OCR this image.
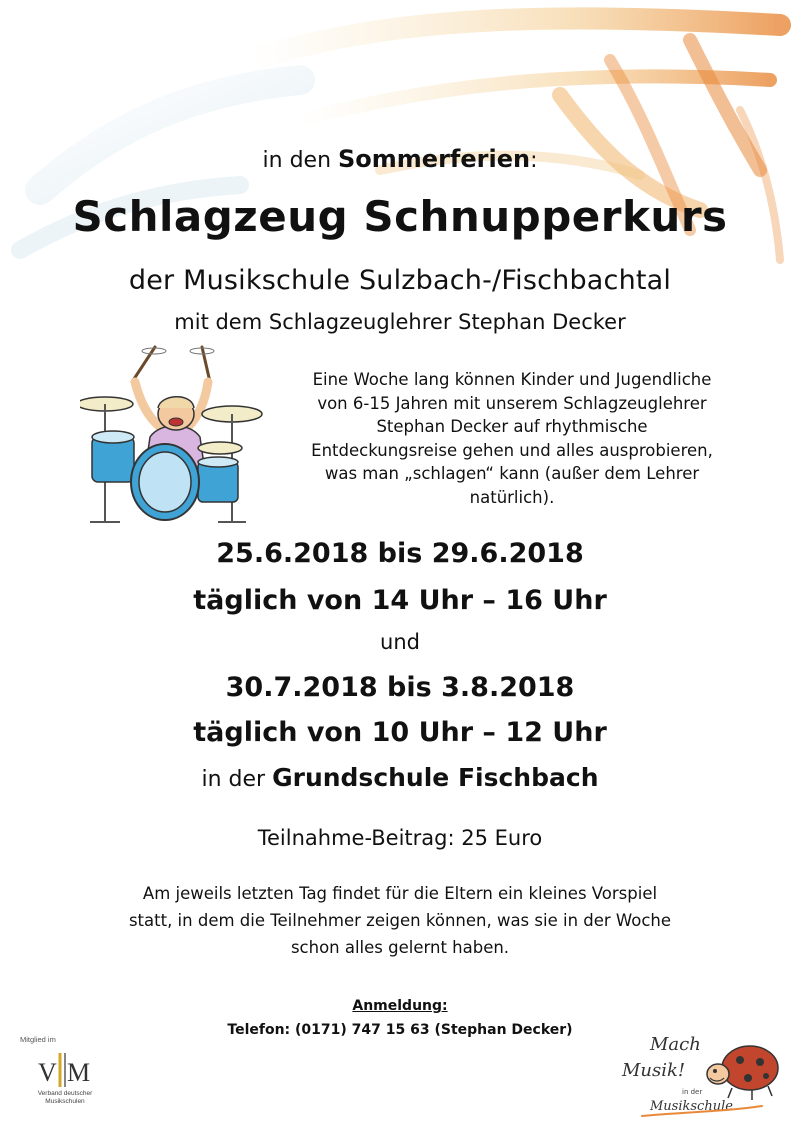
in den Sommerferien:
Schlagzeug Schnupperkurs
der Musikschule Sulzbach-/Fischbachtal
mit dem Schlagzeuglehrer Stephan Decker
Eine Woche lang können Kinder und Jugendliche
von 6-15 Jahren mit unserem Schlagzeuglehrer
Stephan Decker auf rhythmische
Entdeckungsreise gehen und alles ausprobieren,
was man „schlagen“ kann (außer dem Lehrer
natürlich).
25.6.2018 bis 29.6.2018
täglich von 14 Uhr – 16 Uhr
und
30.7.2018 bis 3.8.2018
täglich von 10 Uhr – 12 Uhr
in der Grundschule Fischbach
Teilnahme-Beitrag: 25 Euro
Am jeweils letzten Tag findet für die Eltern ein kleines Vorspiel
statt, in dem die Teilnehmer zeigen können, was sie in der Woche
schon alles gelernt haben.
Anmeldung:
Telefon: (0171) 747 15 63 (Stephan Decker)
Mitglied im
V M
Verband deutscher
Musikschulen
Mach
Musik!
in der
Musikschule
